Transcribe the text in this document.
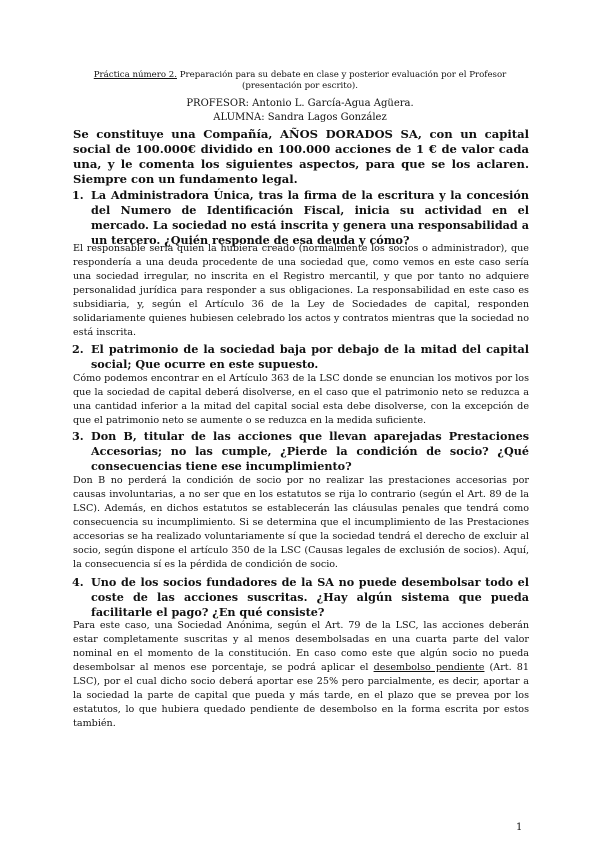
Práctica número 2. Preparación para su debate en clase y posterior evaluación por el Profesor (presentación por escrito).
PROFESOR: Antonio L. García-Agua Agüera.
ALUMNA: Sandra Lagos González
Se constituye una Compañía, AÑOS DORADOS SA, con un capital social de 100.000€ dividido en 100.000 acciones de 1 € de valor cada una, y le comenta los siguientes aspectos, para que se los aclaren. Siempre con un fundamento legal.
1. La Administradora Única, tras la firma de la escritura y la concesión del Numero de Identificación Fiscal, inicia su actividad en el mercado. La sociedad no está inscrita y genera una responsabilidad a un tercero. ¿Quién responde de esa deuda y cómo?
El responsable sería quien la hubiera creado (normalmente los socios o administrador), que respondería a una deuda procedente de una sociedad que, como vemos en este caso sería una sociedad irregular, no inscrita en el Registro mercantil, y que por tanto no adquiere personalidad jurídica para responder a sus obligaciones. La responsabilidad en este caso es subsidiaria, y, según el Artículo 36 de la Ley de Sociedades de capital, responden solidariamente quienes hubiesen celebrado los actos y contratos mientras que la sociedad no está inscrita.
2. El patrimonio de la sociedad baja por debajo de la mitad del capital social; Que ocurre en este supuesto.
Cómo podemos encontrar en el Artículo 363 de la LSC donde se enuncian los motivos por los que la sociedad de capital deberá disolverse, en el caso que el patrimonio neto se reduzca a una cantidad inferior a la mitad del capital social esta debe disolverse, con la excepción de que el patrimonio neto se aumente o se reduzca en la medida suficiente.
3. Don B, titular de las acciones que llevan aparejadas Prestaciones Accesorias; no las cumple, ¿Pierde la condición de socio? ¿Qué consecuencias tiene ese incumplimiento?
Don B no perderá la condición de socio por no realizar las prestaciones accesorias por causas involuntarias, a no ser que en los estatutos se rija lo contrario (según el Art. 89 de la LSC). Además, en dichos estatutos se establecerán las cláusulas penales que tendrá como consecuencia su incumplimiento. Si se determina que el incumplimiento de las Prestaciones accesorias se ha realizado voluntariamente sí que la sociedad tendrá el derecho de excluir al socio, según dispone el artículo 350 de la LSC (Causas legales de exclusión de socios). Aquí, la consecuencia sí es la pérdida de condición de socio.
4. Uno de los socios fundadores de la SA no puede desembolsar todo el coste de las acciones suscritas. ¿Hay algún sistema que pueda facilitarle el pago? ¿En qué consiste?
Para este caso, una Sociedad Anónima, según el Art. 79 de la LSC, las acciones deberán estar completamente suscritas y al menos desembolsadas en una cuarta parte del valor nominal en el momento de la constitución. En caso como este que algún socio no pueda desembolsar al menos ese porcentaje, se podrá aplicar el desembolso pendiente (Art. 81 LSC), por el cual dicho socio deberá aportar ese 25% pero parcialmente, es decir, aportar a la sociedad la parte de capital que pueda y más tarde, en el plazo que se prevea por los estatutos, lo que hubiera quedado pendiente de desembolso en la forma escrita por estos también.
1
